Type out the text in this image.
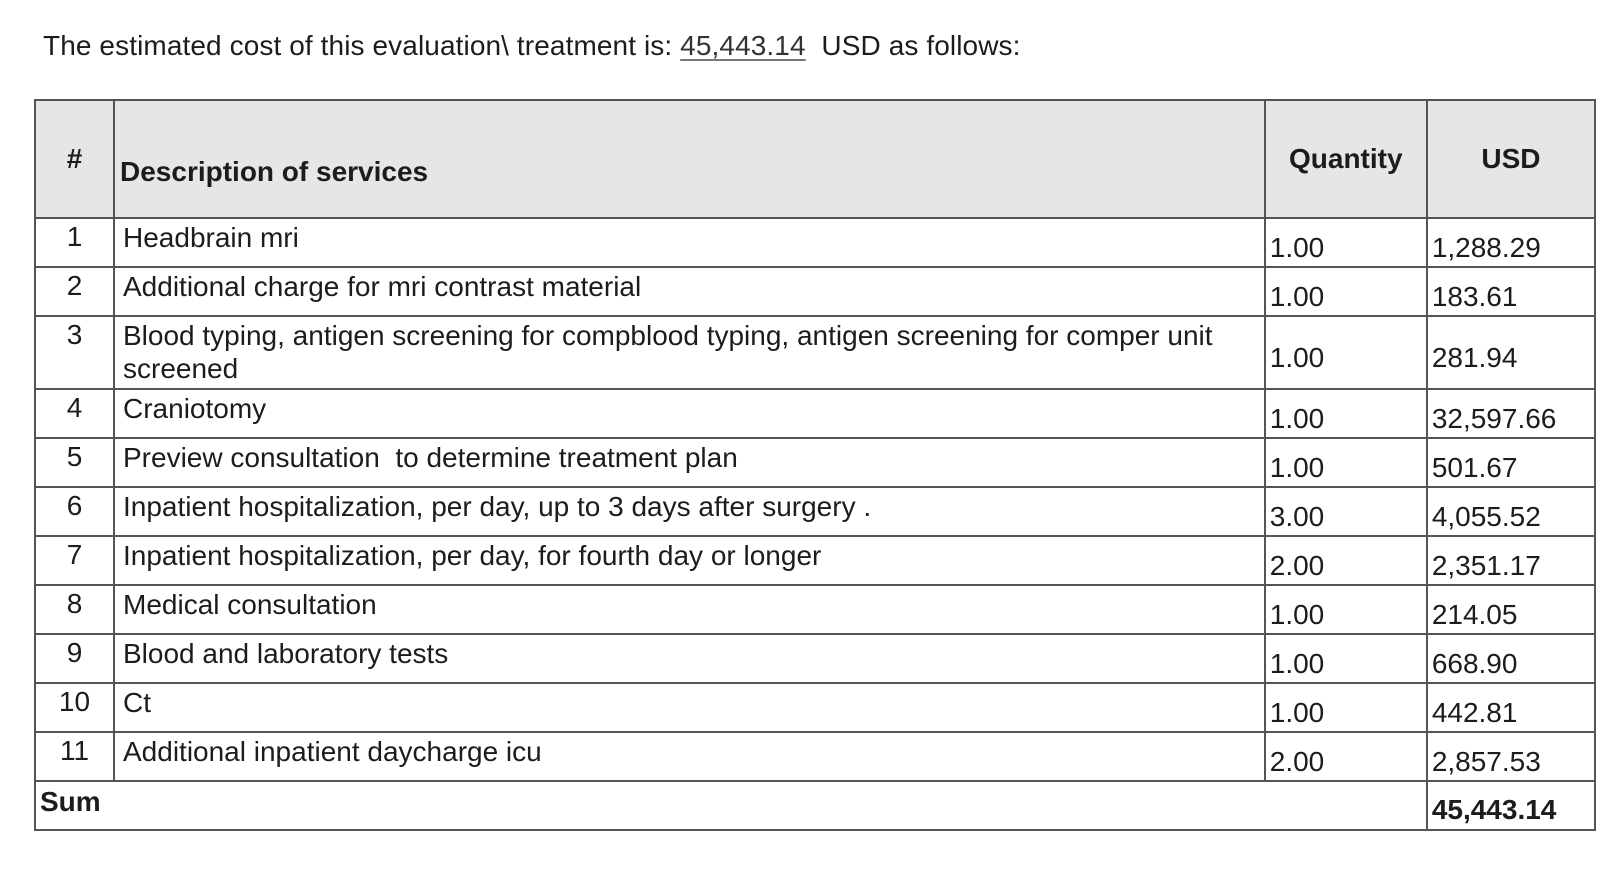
The estimated cost of this evaluation\ treatment is: 45,443.14 USD as follows:
#	Description of services	Quantity	USD
1	Headbrain mri	1.00	1,288.29
2	Additional charge for mri contrast material	1.00	183.61
3	Blood typing, antigen screening for compblood typing, antigen screening for comper unit screened	1.00	281.94
4	Craniotomy	1.00	32,597.66
5	Preview consultation  to determine treatment plan	1.00	501.67
6	Inpatient hospitalization, per day, up to 3 days after surgery .	3.00	4,055.52
7	Inpatient hospitalization, per day, for fourth day or longer	2.00	2,351.17
8	Medical consultation	1.00	214.05
9	Blood and laboratory tests	1.00	668.90
10	Ct	1.00	442.81
11	Additional inpatient daycharge icu	2.00	2,857.53
Sum			45,443.14
